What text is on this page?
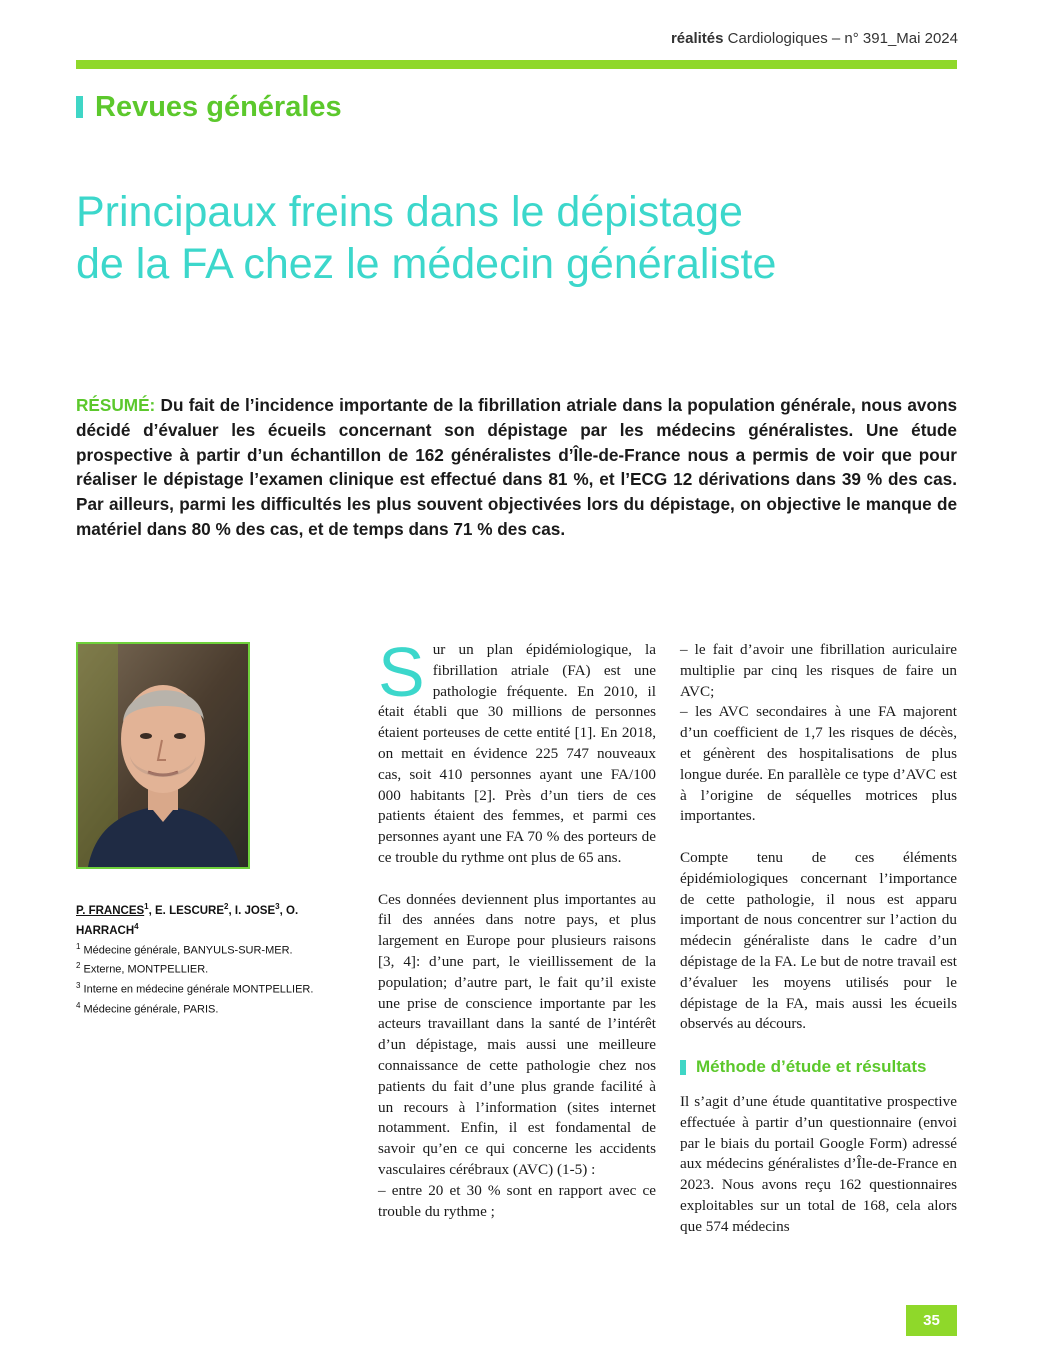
réalités Cardiologiques – n° 391_Mai 2024
Revues générales
Principaux freins dans le dépistage
de la FA chez le médecin généraliste
RÉSUMÉ: Du fait de l’incidence importante de la fibrillation atriale dans la population générale, nous avons décidé d’évaluer les écueils concernant son dépistage par les médecins généralistes. Une étude prospective à partir d’un échantillon de 162 généralistes d’Île-de-France nous a permis de voir que pour réaliser le dépistage l’examen clinique est effectué dans 81 %, et l’ECG 12 dérivations dans 39 % des cas. Par ailleurs, parmi les difficultés les plus souvent objectivées lors du dépistage, on objective le manque de matériel dans 80 % des cas, et de temps dans 71 % des cas.
P. FRANCES$^1$, E. LESCURE$^2$, I. JOSE$^3$, O. HARRACH$^4$
$^1$ Médecine générale, BANYULS-SUR-MER.
$^2$ Externe, MONTPELLIER.
$^3$ Interne en médecine générale MONTPELLIER.
$^4$ Médecine générale, PARIS.

Sur un plan épidémiologique, la fibrillation atriale (FA) est une pathologie fréquente. En 2010, il était établi que 30 millions de personnes étaient porteuses de cette entité [1]. En 2018, on mettait en évidence 225 747 nouveaux cas, soit 410 personnes ayant une FA/100 000 habitants [2]. Près d’un tiers de ces patients étaient des femmes, et parmi ces personnes ayant une FA 70 % des porteurs de ce trouble du rythme ont plus de 65 ans.

Ces données deviennent plus importantes au fil des années dans notre pays, et plus largement en Europe pour plusieurs raisons [3, 4]: d’une part, le vieillissement de la population; d’autre part, le fait qu’il existe une prise de conscience importante par les acteurs travaillant dans la santé de l’intérêt d’un dépistage, mais aussi une meilleure connaissance de cette pathologie chez nos patients du fait d’une plus grande facilité à un recours à l’information (sites internet notamment. Enfin, il est fondamental de savoir qu’en ce qui concerne les accidents vasculaires cérébraux (AVC) (1-5) :

– entre 20 et 30 % sont en rapport avec ce trouble du rythme ;
– le fait d’avoir une fibrillation auriculaire multiplie par cinq les risques de faire un AVC;
– les AVC secondaires à une FA majorent d’un coefficient de 1,7 les risques de décès, et génèrent des hospitalisations de plus longue durée. En parallèle ce type d’AVC est à l’origine de séquelles motrices plus importantes.

Compte tenu de ces éléments épidémiologiques concernant l’importance de cette pathologie, il nous est apparu important de nous concentrer sur l’action du médecin généraliste dans le cadre d’un dépistage de la FA. Le but de notre travail est d’évaluer les moyens utilisés pour le dépistage de la FA, mais aussi les écueils observés au décours.

Méthode d’étude et résultats

Il s’agit d’une étude quantitative prospective effectuée à partir d’un questionnaire (envoi par le biais du portail Google Form) adressé aux médecins généralistes d’Île-de-France en 2023. Nous avons reçu 162 questionnaires exploitables sur un total de 168, cela alors que 574 médecins

35
